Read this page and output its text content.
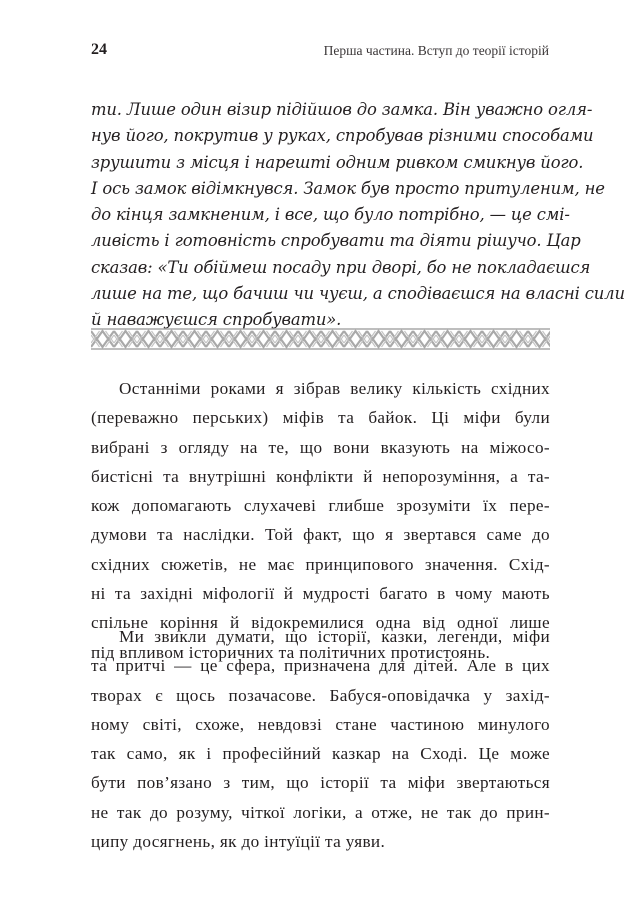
24	Перша частина. Вступ до теорії історій
ти. Лише один візир підійшов до замка. Він уважно огля-
нув його, покрутив у руках, спробував різними способами
зрушити з місця і нарешті одним ривком смикнув його.
І ось замок відімкнувся. Замок був просто притуленим, не
до кінця замкненим, і все, що було потрібно, — це смі-
ливість і готовність спробувати та діяти рішучо. Цар
сказав: «Ти обіймеш посаду при дворі, бо не покладаєшся
лише на те, що бачиш чи чуєш, а сподіваєшся на власні сили
й наважуєшся спробувати».
Останніми роками я зібрав велику кількість східних
(переважно перських) міфів та байок. Ці міфи були
вибрані з огляду на те, що вони вказують на міжосо-
бистісні та внутрішні конфлікти й непорозуміння, а та-
кож допомагають слухачеві глибше зрозуміти їх пере-
думови та наслідки. Той факт, що я звертався саме до
східних сюжетів, не має принципового значення. Схід-
ні та західні міфології й мудрості багато в чому мають
спільне коріння й відокремилися одна від одної лише
під впливом історичних та політичних протистоянь.
Ми звикли думати, що історії, казки, легенди, міфи
та притчі — це сфера, призначена для дітей. Але в цих
творах є щось позачасове. Бабуся-оповідачка у захід-
ному світі, схоже, невдовзі стане частиною минулого
так само, як і професійний казкар на Сході. Це може
бути пов’язано з тим, що історії та міфи звертаються
не так до розуму, чіткої логіки, а отже, не так до прин-
ципу досягнень, як до інтуїції та уяви.
